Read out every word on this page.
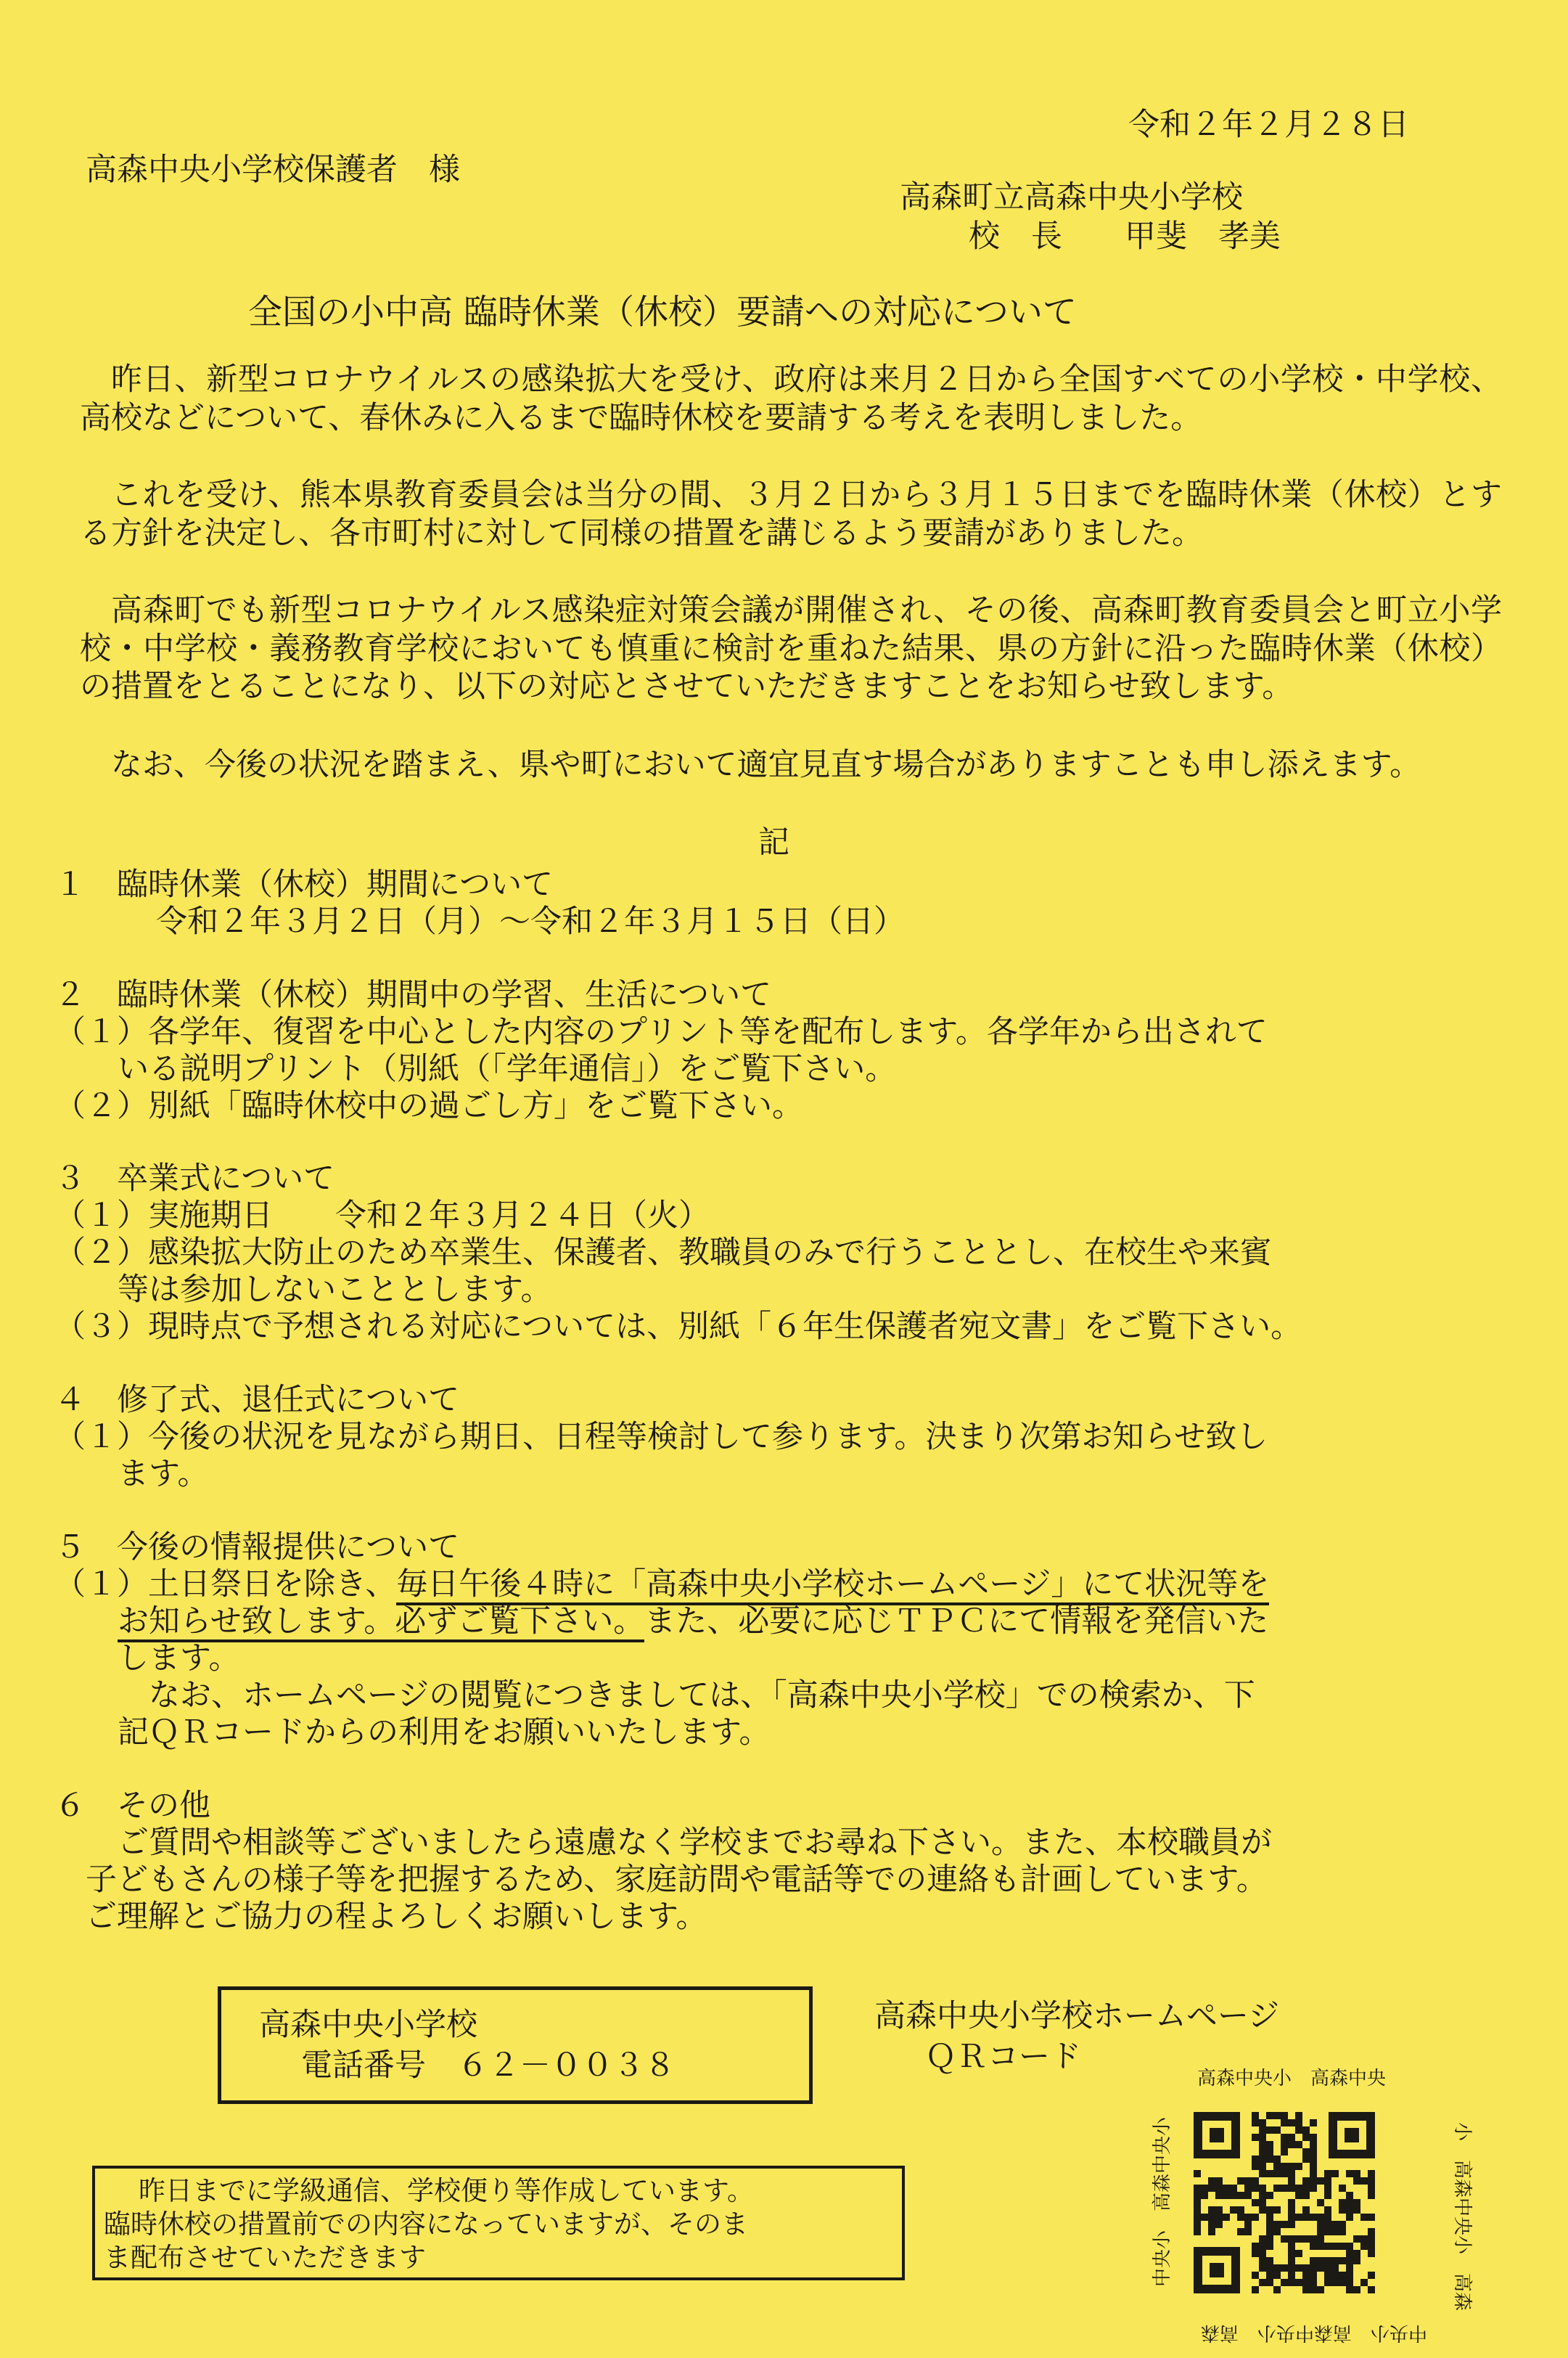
令和２年２月２８日
高森中央小学校保護者　様
高森町立高森中央小学校
校　長　　甲斐　孝美
全国の小中高 臨時休業（休校）要請への対応について
昨日、新型コロナウイルスの感染拡大を受け、政府は来月２日から全国すべての小学校・中学校、高校などについて、春休みに入るまで臨時休校を要請する考えを表明しました。
これを受け、熊本県教育委員会は当分の間、３月２日から３月１５日までを臨時休業（休校）とする方針を決定し、各市町村に対して同様の措置を講じるよう要請がありました。
高森町でも新型コロナウイルス感染症対策会議が開催され、その後、高森町教育委員会と町立小学校・中学校・義務教育学校においても慎重に検討を重ねた結果、県の方針に沿った臨時休業（休校）の措置をとることになり、以下の対応とさせていただきますことをお知らせ致します。
なお、今後の状況を踏まえ、県や町において適宜見直す場合がありますことも申し添えます。
記
１　臨時休業（休校）期間について
令和２年３月２日（月）～令和２年３月１５日（日）
２　臨時休業（休校）期間中の学習、生活について
（１）各学年、復習を中心とした内容のプリント等を配布します。各学年から出されて
いる説明プリント（別紙（「学年通信」）をご覧下さい。
（２）別紙「臨時休校中の過ごし方」をご覧下さい。
３　卒業式について
（１）実施期日　　令和２年３月２４日（火）
（２）感染拡大防止のため卒業生、保護者、教職員のみで行うこととし、在校生や来賓
等は参加しないこととします。
（３）現時点で予想される対応については、別紙「６年生保護者宛文書」をご覧下さい。
４　修了式、退任式について
（１）今後の状況を見ながら期日、日程等検討して参ります。決まり次第お知らせ致し
ます。
５　今後の情報提供について
（１）土日祭日を除き、毎日午後４時に「高森中央小学校ホームページ」にて状況等を
お知らせ致します。必ずご覧下さい。また、必要に応じＴＰＣにて情報を発信いた
します。
なお、ホームページの閲覧につきましては、「高森中央小学校」での検索か、下
記ＱＲコードからの利用をお願いいたします。
６　その他
ご質問や相談等ございましたら遠慮なく学校までお尋ね下さい。また、本校職員が
子どもさんの様子等を把握するため、家庭訪問や電話等での連絡も計画しています。
ご理解とご協力の程よろしくお願いします。
高森中央小学校
電話番号　６２－００３８
高森中央小学校ホームページ
ＱＲコード
高森中央小　高森中央
小　高森中央小　高森
中央小　高森中央小　高森
中央小　高森中央小
昨日までに学級通信、学校便り等作成しています。
臨時休校の措置前での内容になっていますが、そのま
ま配布させていただきます
